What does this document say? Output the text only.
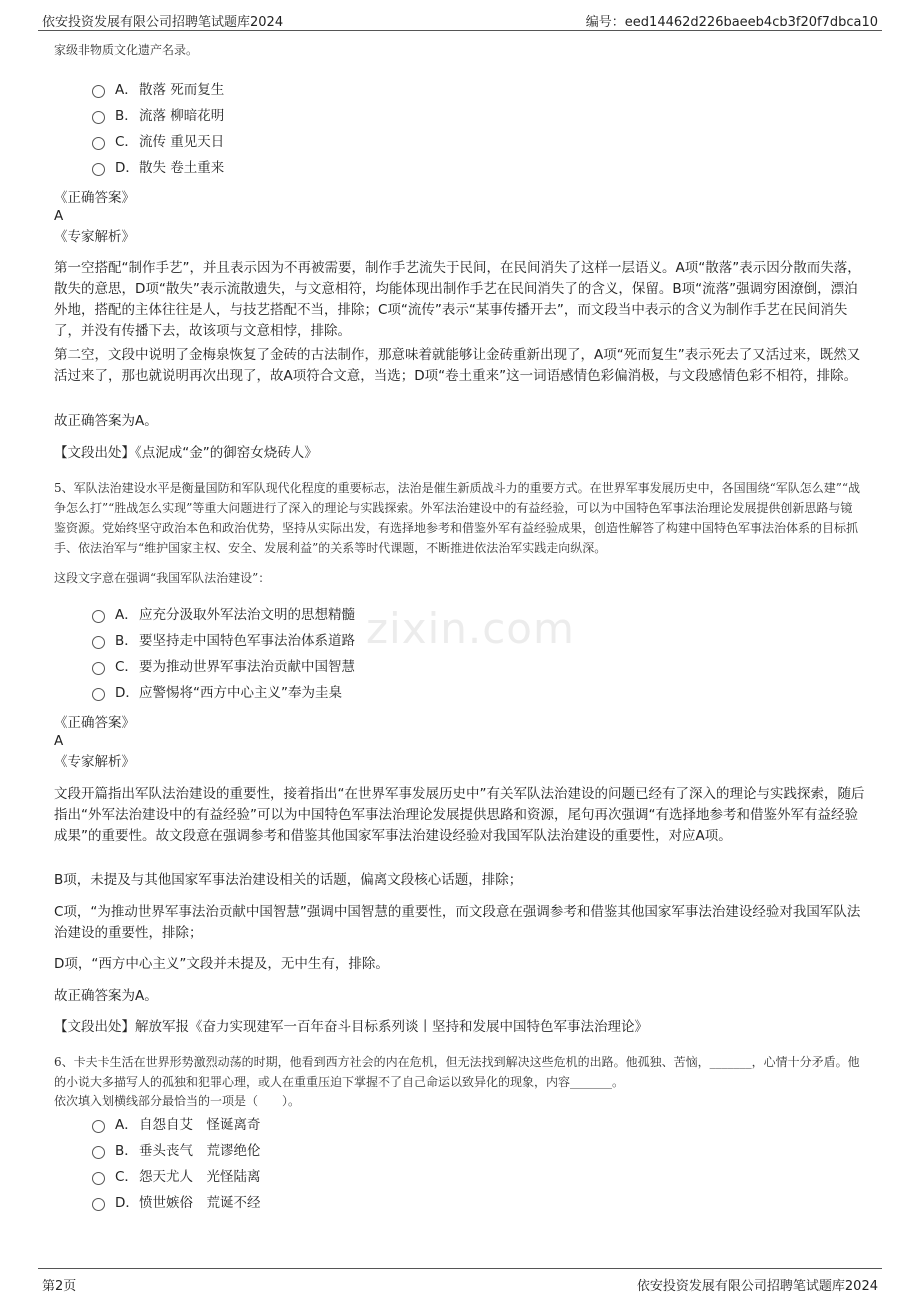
依安投资发展有限公司招聘笔试题库2024	编号：eed14462d226baeeb4cb3f20f7dbca10
zixin.com
家级非物质文化遗产名录。
A． 散落 死而复生
B． 流落 柳暗花明
C． 流传 重见天日
D． 散失 卷土重来
《正确答案》
A
《专家解析》
第一空搭配“制作手艺”，并且表示因为不再被需要，制作手艺流失于民间，在民间消失了这样一层语义。A项“散落”表示因分散而失落，散失的意思，D项“散失”表示流散遗失，与文意相符，均能体现出制作手艺在民间消失了的含义，保留。B项“流落”强调穷困潦倒，漂泊外地，搭配的主体往往是人，与技艺搭配不当，排除；C项“流传”表示“某事传播开去”，而文段当中表示的含义为制作手艺在民间消失了，并没有传播下去，故该项与文意相悖，排除。
第二空，文段中说明了金梅泉恢复了金砖的古法制作，那意味着就能够让金砖重新出现了，A项“死而复生”表示死去了又活过来，既然又活过来了，那也就说明再次出现了，故A项符合文意，当选；D项“卷土重来”这一词语感情色彩偏消极，与文段感情色彩不相符，排除。
故正确答案为A。
【文段出处】《点泥成“金”的御窑女烧砖人》
5、军队法治建设水平是衡量国防和军队现代化程度的重要标志，法治是催生新质战斗力的重要方式。在世界军事发展历史中，各国围绕“军队怎么建”“战争怎么打”“胜战怎么实现”等重大问题进行了深入的理论与实践探索。外军法治建设中的有益经验，可以为中国特色军事法治理论发展提供创新思路与镜鉴资源。党始终坚守政治本色和政治优势，坚持从实际出发，有选择地参考和借鉴外军有益经验成果，创造性解答了构建中国特色军事法治体系的目标抓手、依法治军与“维护国家主权、安全、发展利益”的关系等时代课题，不断推进依法治军实践走向纵深。
这段文字意在强调“我国军队法治建设”：
A． 应充分汲取外军法治文明的思想精髓
B． 要坚持走中国特色军事法治体系道路
C． 要为推动世界军事法治贡献中国智慧
D． 应警惕将“西方中心主义”奉为圭臬
《正确答案》
A
《专家解析》
文段开篇指出军队法治建设的重要性，接着指出“在世界军事发展历史中”有关军队法治建设的问题已经有了深入的理论与实践探索，随后指出“外军法治建设中的有益经验”可以为中国特色军事法治理论发展提供思路和资源，尾句再次强调“有选择地参考和借鉴外军有益经验成果”的重要性。故文段意在强调参考和借鉴其他国家军事法治建设经验对我国军队法治建设的重要性，对应A项。
B项，未提及与其他国家军事法治建设相关的话题，偏离文段核心话题，排除；
C项，“为推动世界军事法治贡献中国智慧”强调中国智慧的重要性，而文段意在强调参考和借鉴其他国家军事法治建设经验对我国军队法治建设的重要性，排除；
D项，“西方中心主义”文段并未提及，无中生有，排除。
故正确答案为A。
【文段出处】解放军报《奋力实现建军一百年奋斗目标系列谈丨坚持和发展中国特色军事法治理论》
6、卡夫卡生活在世界形势激烈动荡的时期，他看到西方社会的内在危机，但无法找到解决这些危机的出路。他孤独、苦恼，_______，心情十分矛盾。他的小说大多描写人的孤独和犯罪心理，或人在重重压迫下掌握不了自己命运以致异化的现象，内容_______。
依次填入划横线部分最恰当的一项是（　　）。
A． 自怨自艾　怪诞离奇
B． 垂头丧气　荒谬绝伦
C． 怨天尤人　光怪陆离
D． 愤世嫉俗　荒诞不经
第2页	依安投资发展有限公司招聘笔试题库2024
